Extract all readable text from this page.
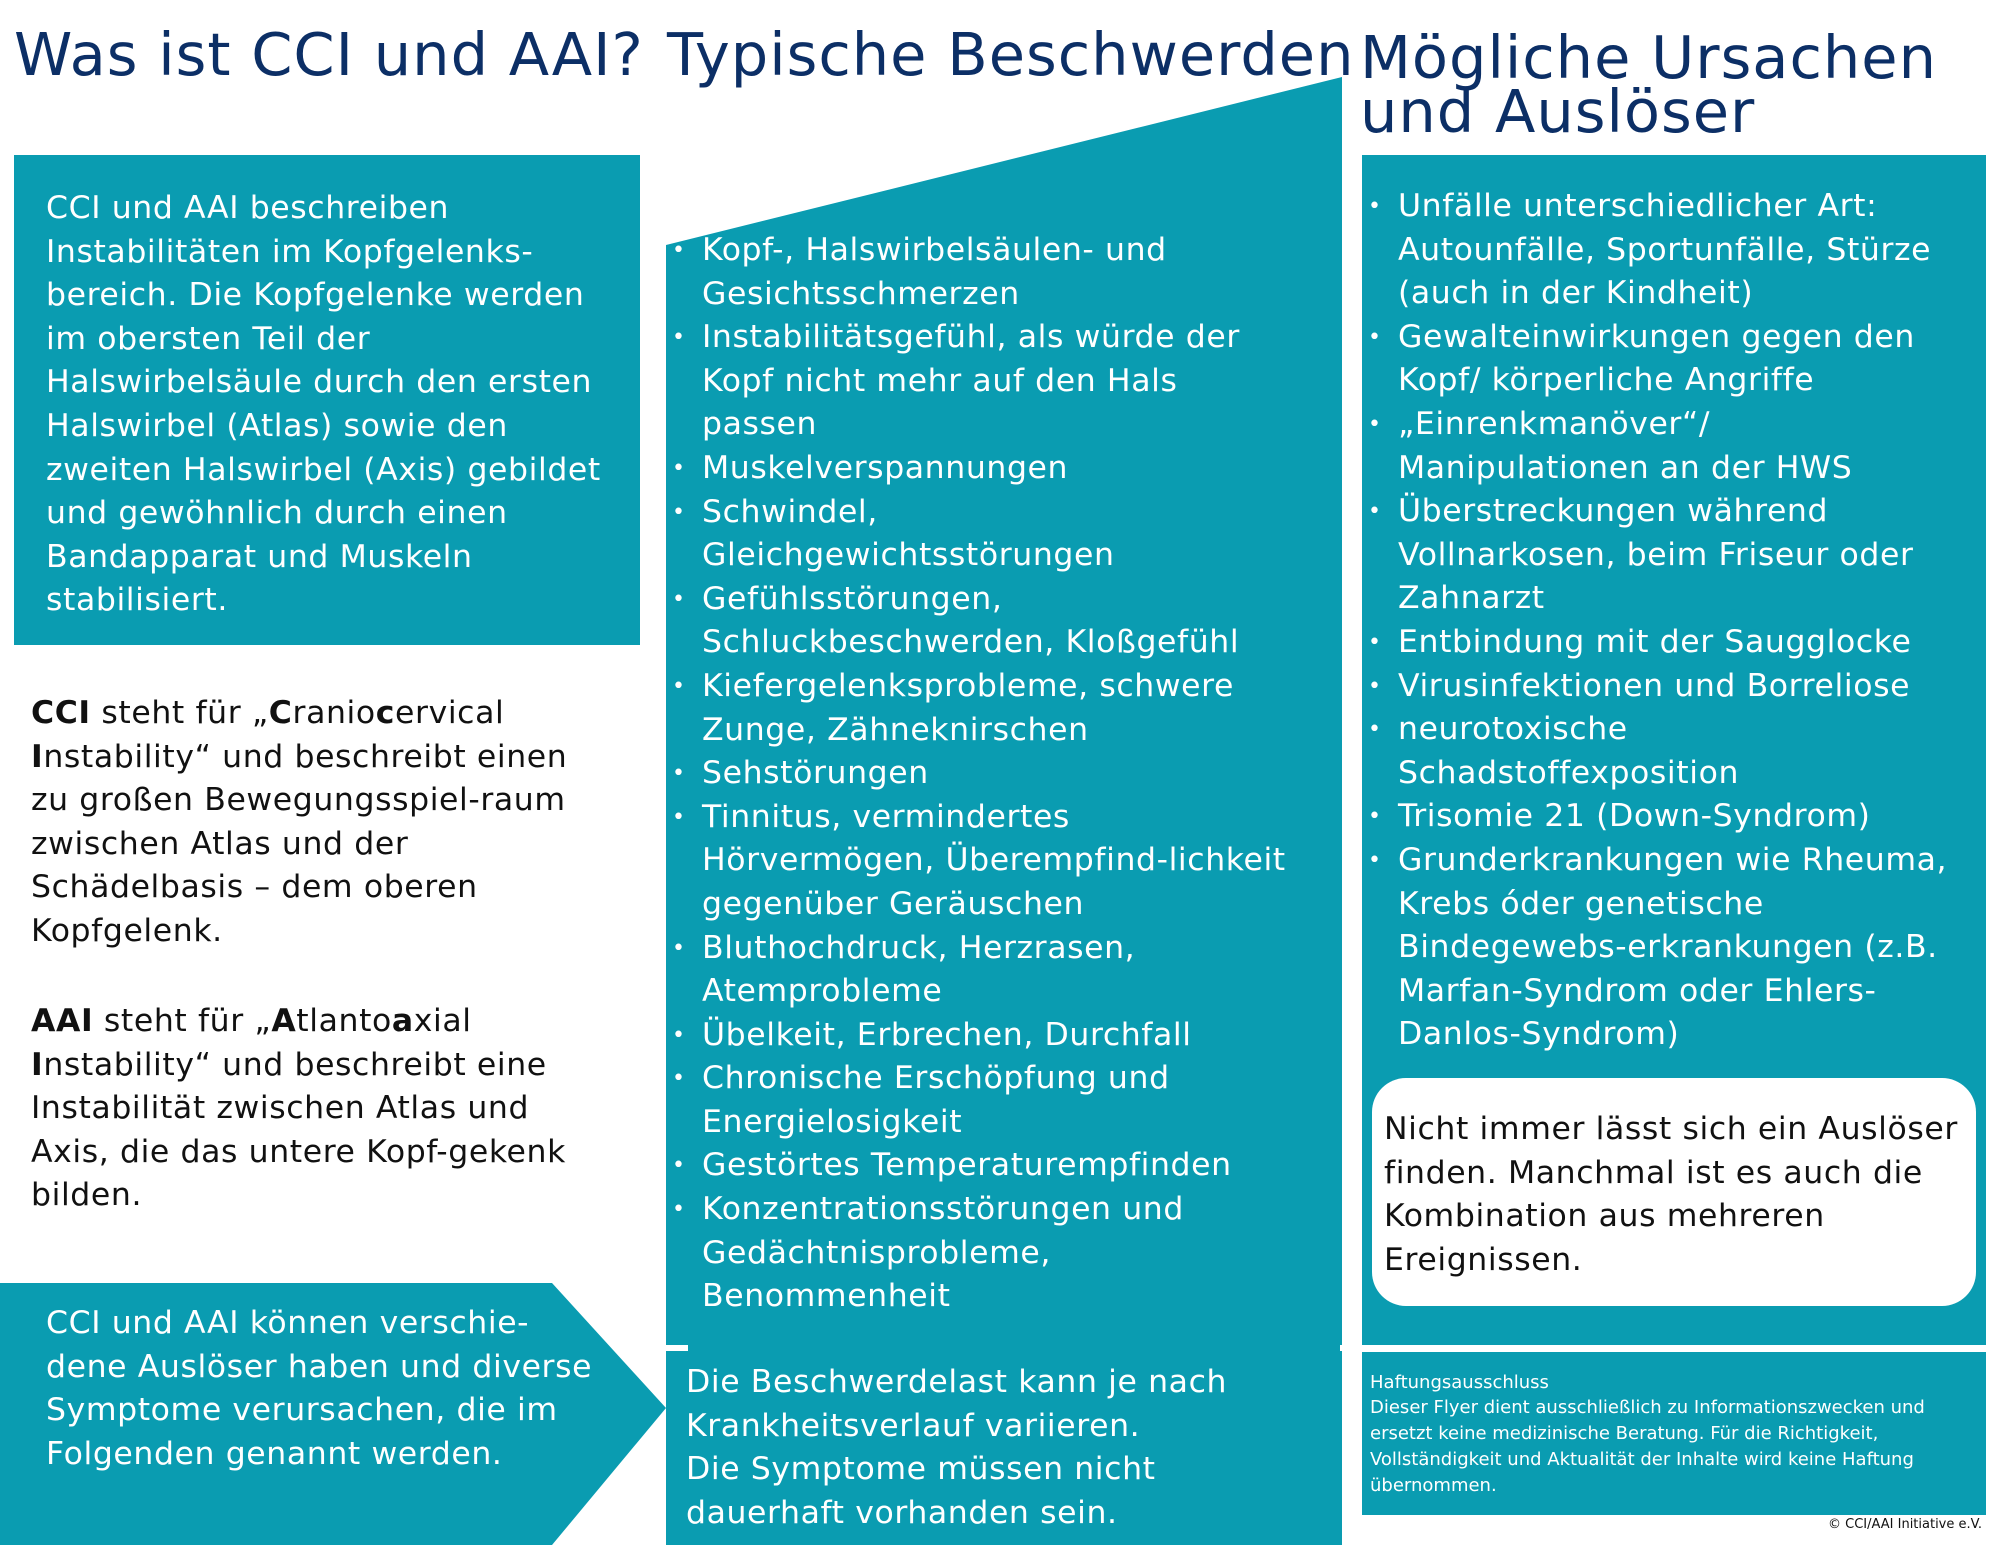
Was ist CCI und AAI?

CCI und AAI beschreiben Instabilitäten im Kopfgelenks-bereich. Die Kopfgelenke werden im obersten Teil der Halswirbelsäule durch den ersten Halswirbel (Atlas) sowie den zweiten Halswirbel (Axis) gebildet und gewöhnlich durch einen Bandapparat und Muskeln stabilisiert.

CCI steht für „Craniocervical
Instability“ und beschreibt einen zu großen Bewegungsspiel-raum zwischen Atlas und der Schädelbasis – dem oberen Kopfgelenk.
AAI steht für „Atlantoaxial
Instability“ und beschreibt eine Instabilität zwischen Atlas und Axis, die das untere Kopf-gekenk bilden.

CCI und AAI können verschie-dene Auslöser haben und diverse Symptome verursachen, die im Folgenden genannt werden.

Typische Beschwerden
• Kopf-, Halswirbelsäulen- und Gesichtsschmerzen
• Instabilitätsgefühl, als würde der Kopf nicht mehr auf den Hals passen
• Muskelverspannungen
• Schwindel, Gleichgewichtsstörungen
• Gefühlsstörungen, Schluckbeschwerden, Kloßgefühl
• Kiefergelenksprobleme, schwere Zunge, Zähneknirschen
• Sehstörungen
• Tinnitus, vermindertes Hörvermögen, Überempfind-lichkeit gegenüber Geräuschen
• Bluthochdruck, Herzrasen, Atemprobleme
• Übelkeit, Erbrechen, Durchfall
• Chronische Erschöpfung und Energielosigkeit
• Gestörtes Temperaturempfinden
• Konzentrationsstörungen und Gedächtnisprobleme, Benommenheit

Die Beschwerdelast kann je nach Krankheitsverlauf variieren.

Die Symptome müssen nicht dauerhaft vorhanden sein.

Mögliche Ursachen
und Auslöser
• Unfälle unterschiedlicher Art: Autounfälle, Sportunfälle, Stürze (auch in der Kindheit)
• Gewalteinwirkungen gegen den Kopf/ körperliche Angriffe
• „Einrenkmanöver“/ Manipulationen an der HWS
• Überstreckungen während Vollnarkosen, beim Friseur oder Zahnarzt
• Entbindung mit der Saugglocke
• Virusinfektionen und Borreliose
• neurotoxische Schadstoffexposition
• Trisomie 21 (Down-Syndrom)
• Grunderkrankungen wie Rheuma, Krebs óder genetische Bindegewebs-erkrankungen (z.B. Marfan-Syndrom oder Ehlers-Danlos-Syndrom)

Nicht immer lässt sich ein Auslöser finden. Manchmal ist es auch die Kombination aus mehreren Ereignissen.

Haftungsausschluss
Dieser Flyer dient ausschließlich zu Informationszwecken und ersetzt keine medizinische Beratung. Für die Richtigkeit, Vollständigkeit und Aktualität der Inhalte wird keine Haftung übernommen.
© CCI/AAI Initiative e.V.
